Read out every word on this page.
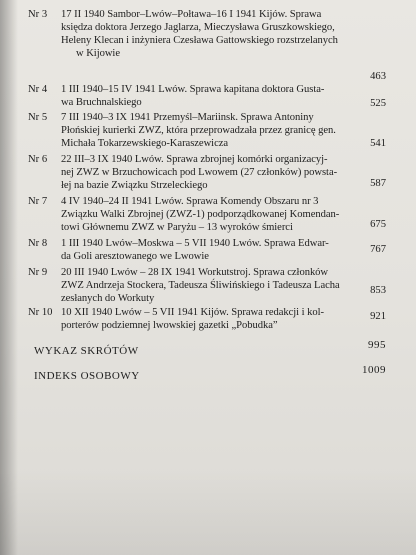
Nr 3	17 II 1940 Sambor–Lwów–Połtawa–16 I 1941 Kijów. Sprawa
księdza doktora Jerzego Jaglarza, Mieczysława Gruszkowskiego,
Heleny Klecan i inżyniera Czesława Gattowskiego rozstrzelanych
w Kijowie
463
Nr 4	1 III 1940–15 IV 1941 Lwów. Sprawa kapitana doktora Gusta-
wa Bruchnalskiego	525
Nr 5	7 III 1940–3 IX 1941 Przemyśl–Mariinsk. Sprawa Antoniny
Płońskiej kurierki ZWZ, która przeprowadzała przez granicę gen.
Michała Tokarzewskiego-Karaszewicza	541
Nr 6	22 III–3 IX 1940 Lwów. Sprawa zbrojnej komórki organizacyj-
nej ZWZ w Brzuchowicach pod Lwowem (27 członków) powsta-
łej na bazie Związku Strzeleckiego	587
Nr 7	4 IV 1940–24 II 1941 Lwów. Sprawa Komendy Obszaru nr 3
Związku Walki Zbrojnej (ZWZ-1) podporządkowanej Komendan-
towi Głównemu ZWZ w Paryżu – 13 wyroków śmierci	675
Nr 8	1 III 1940 Lwów–Moskwa – 5 VII 1940 Lwów. Sprawa Edwar-
da Goli aresztowanego we Lwowie
767
Nr 9	20 III 1940 Lwów – 28 IX 1941 Workutstroj. Sprawa członków
ZWZ Andrzeja Stockera, Tadeusza Śliwińskiego i Tadeusza Lacha
zesłanych do Workuty
853
Nr 10 10 XII 1940 Lwów – 5 VII 1941 Kijów. Sprawa redakcji i kol-
porterów podziemnej lwowskiej gazetki „Pobudka”
921
WYKAZ SKRÓTÓW	995
INDEKS OSOBOWY	1009
